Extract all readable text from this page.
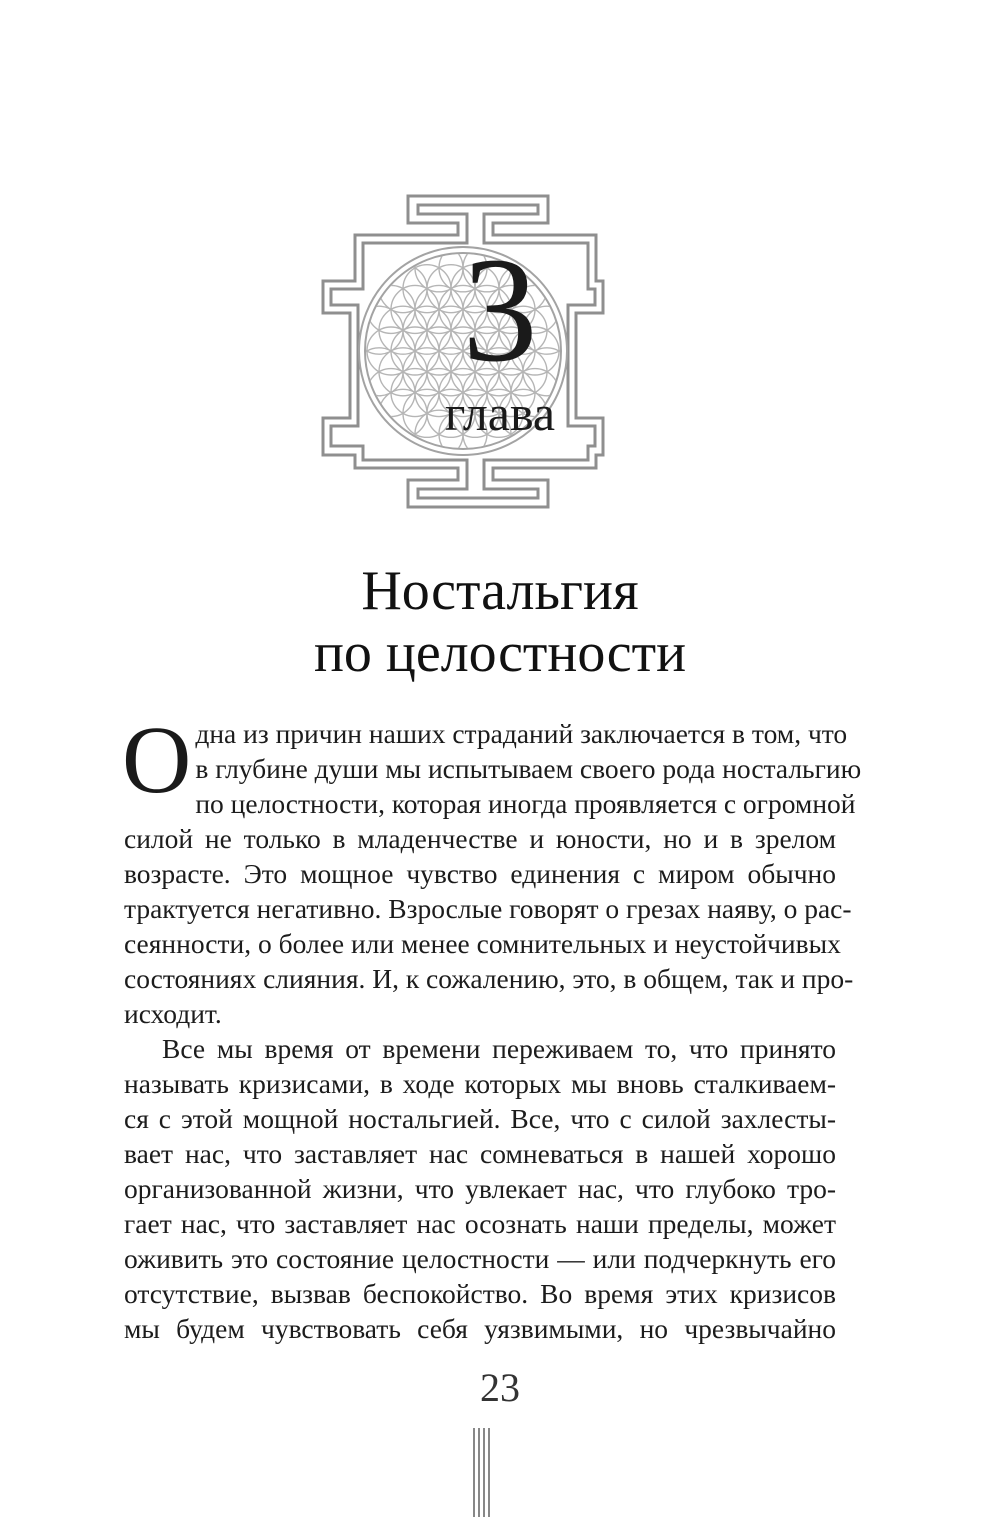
3
глава
Ностальгия
по целостности
О дна из причин наших страданий заключается в том, что
в глубине души мы испытываем своего рода ностальгию
по целостности, которая иногда проявляется с огромной
силой не только в младенчестве и юности, но и в зрелом
возрасте. Это мощное чувство единения с миром обычно
трактуется негативно. Взрослые говорят о грезах наяву, о рас-
сеянности, о более или менее сомнительных и неустойчивых
состояниях слияния. И, к сожалению, это, в общем, так и про-
исходит.
Все мы время от времени переживаем то, что принято
называть кризисами, в ходе которых мы вновь сталкиваем-
ся с этой мощной ностальгией. Все, что с силой захлесты-
вает нас, что заставляет нас сомневаться в нашей хорошо
организованной жизни, что увлекает нас, что глубоко тро-
гает нас, что заставляет нас осознать наши пределы, может
оживить это состояние целостности — или подчеркнуть его
отсутствие, вызвав беспокойство. Во время этих кризисов
мы будем чувствовать себя уязвимыми, но чрезвычайно
23
